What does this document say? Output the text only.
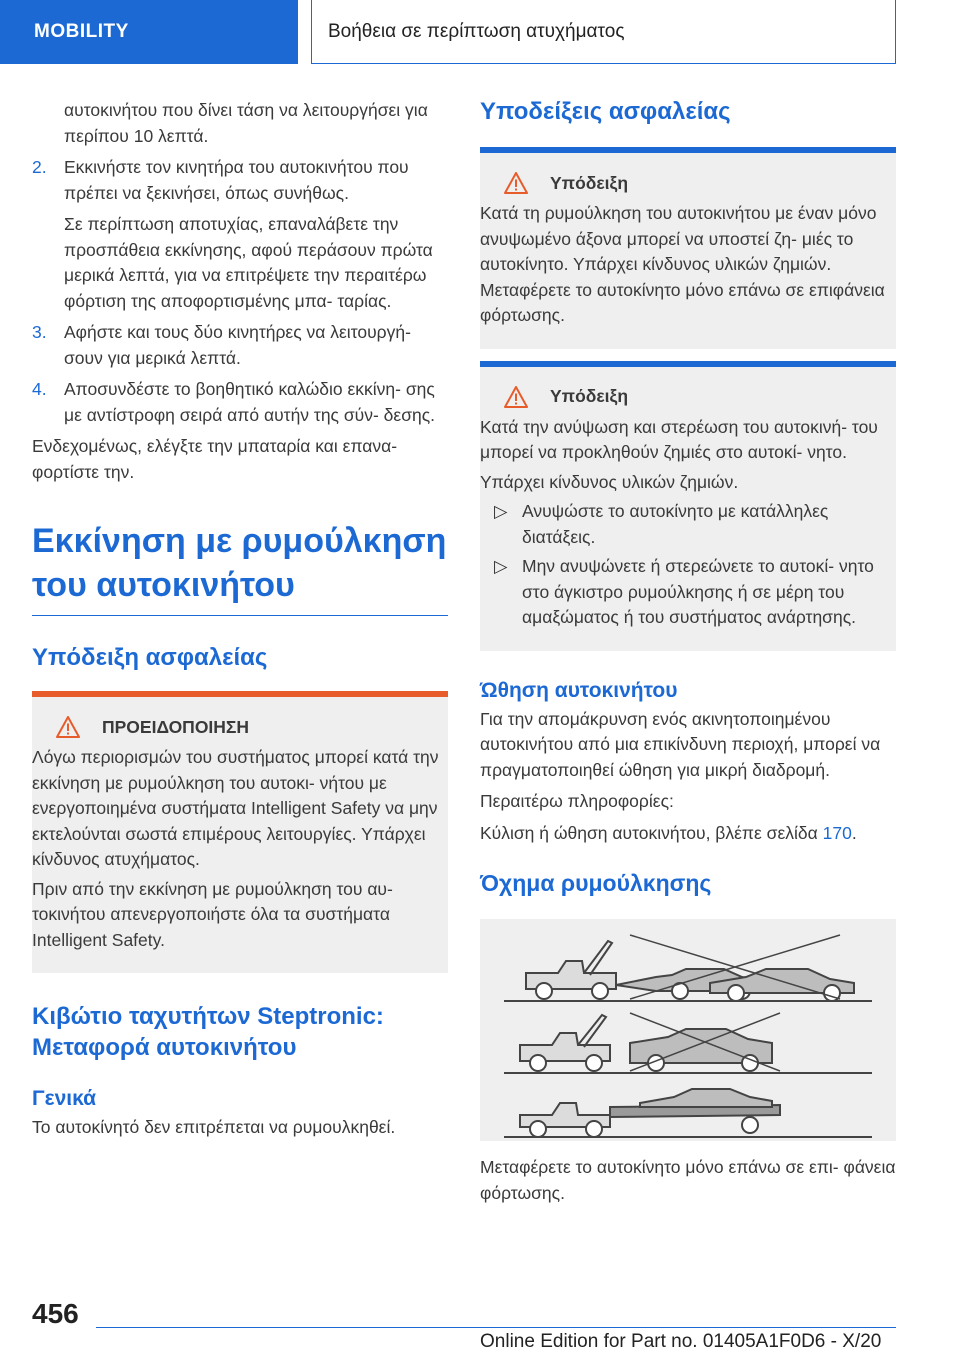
MOBILITY	Βοήθεια σε περίπτωση ατυχήματος

αυτοκινήτου που δίνει τάση να λειτουργήσει για περίπου 10 λεπτά.

2. Εκκινήστε τον κινητήρα του αυτοκινήτου που πρέπει να ξεκινήσει, όπως συνήθως.

Σε περίπτωση αποτυχίας, επαναλάβετε την προσπάθεια εκκίνησης, αφού περάσουν πρώτα μερικά λεπτά, για να επιτρέψετε την περαιτέρω φόρτιση της αποφορτισμένης μπα‐ ταρίας.

3. Αφήστε και τους δύο κινητήρες να λειτουργή‐ σουν για μερικά λεπτά.

4. Αποσυνδέστε το βοηθητικό καλώδιο εκκίνη‐ σης με αντίστροφη σειρά από αυτήν της σύν‐ δεσης.

Ενδεχομένως, ελέγξτε την μπαταρία και επανα‐ φορτίστε την.

Εκκίνηση με ρυμούλκηση του αυτοκινήτου
Υπόδειξη ασφαλείας
ΠΡΟΕΙΔΟΠΟΙΗΣΗ

Λόγω περιορισμών του συστήματος μπορεί κατά την εκκίνηση με ρυμούλκηση του αυτοκι‐ νήτου με ενεργοποιημένα συστήματα Intelligent Safety να μην εκτελούνται σωστά επιμέρους λειτουργίες. Υπάρχει κίνδυνος ατυχήματος.

Πριν από την εκκίνηση με ρυμούλκηση του αυ‐ τοκινήτου απενεργοποιήστε όλα τα συστήματα Intelligent Safety.

Κιβώτιο ταχυτήτων Steptronic: Μεταφορά αυτοκινήτου
Γενικά

Το αυτοκίνητό δεν επιτρέπεται να ρυμουλκηθεί.

Υποδείξεις ασφαλείας
Υπόδειξη

Κατά τη ρυμούλκηση του αυτοκινήτου με έναν μόνο ανυψωμένο άξονα μπορεί να υποστεί ζη‐ μιές το αυτοκίνητο. Υπάρχει κίνδυνος υλικών ζημιών. Μεταφέρετε το αυτοκίνητο μόνο επάνω σε επιφάνεια φόρτωσης.

Υπόδειξη

Κατά την ανύψωση και στερέωση του αυτοκινή‐ του μπορεί να προκληθούν ζημιές στο αυτοκί‐ νητο.

Υπάρχει κίνδυνος υλικών ζημιών.

▷ Ανυψώστε το αυτοκίνητο με κατάλληλες διατάξεις.

▷ Μην ανυψώνετε ή στερεώνετε το αυτοκί‐ νητο στο άγκιστρο ρυμούλκησης ή σε μέρη του αμαξώματος ή του συστήματος ανάρτησης.

Ώθηση αυτοκινήτου

Για την απομάκρυνση ενός ακινητοποιημένου αυτοκινήτου από μια επικίνδυνη περιοχή, μπορεί να πραγματοποιηθεί ώθηση για μικρή διαδρομή.

Περαιτέρω πληροφορίες:

Κύλιση ή ώθηση αυτοκινήτου, βλέπε σελίδα 170.

Όχημα ρυμούλκησης

Μεταφέρετε το αυτοκίνητο μόνο επάνω σε επι‐ φάνεια φόρτωσης.

456
Online Edition for Part no. 01405A1F0D6 - X/20
